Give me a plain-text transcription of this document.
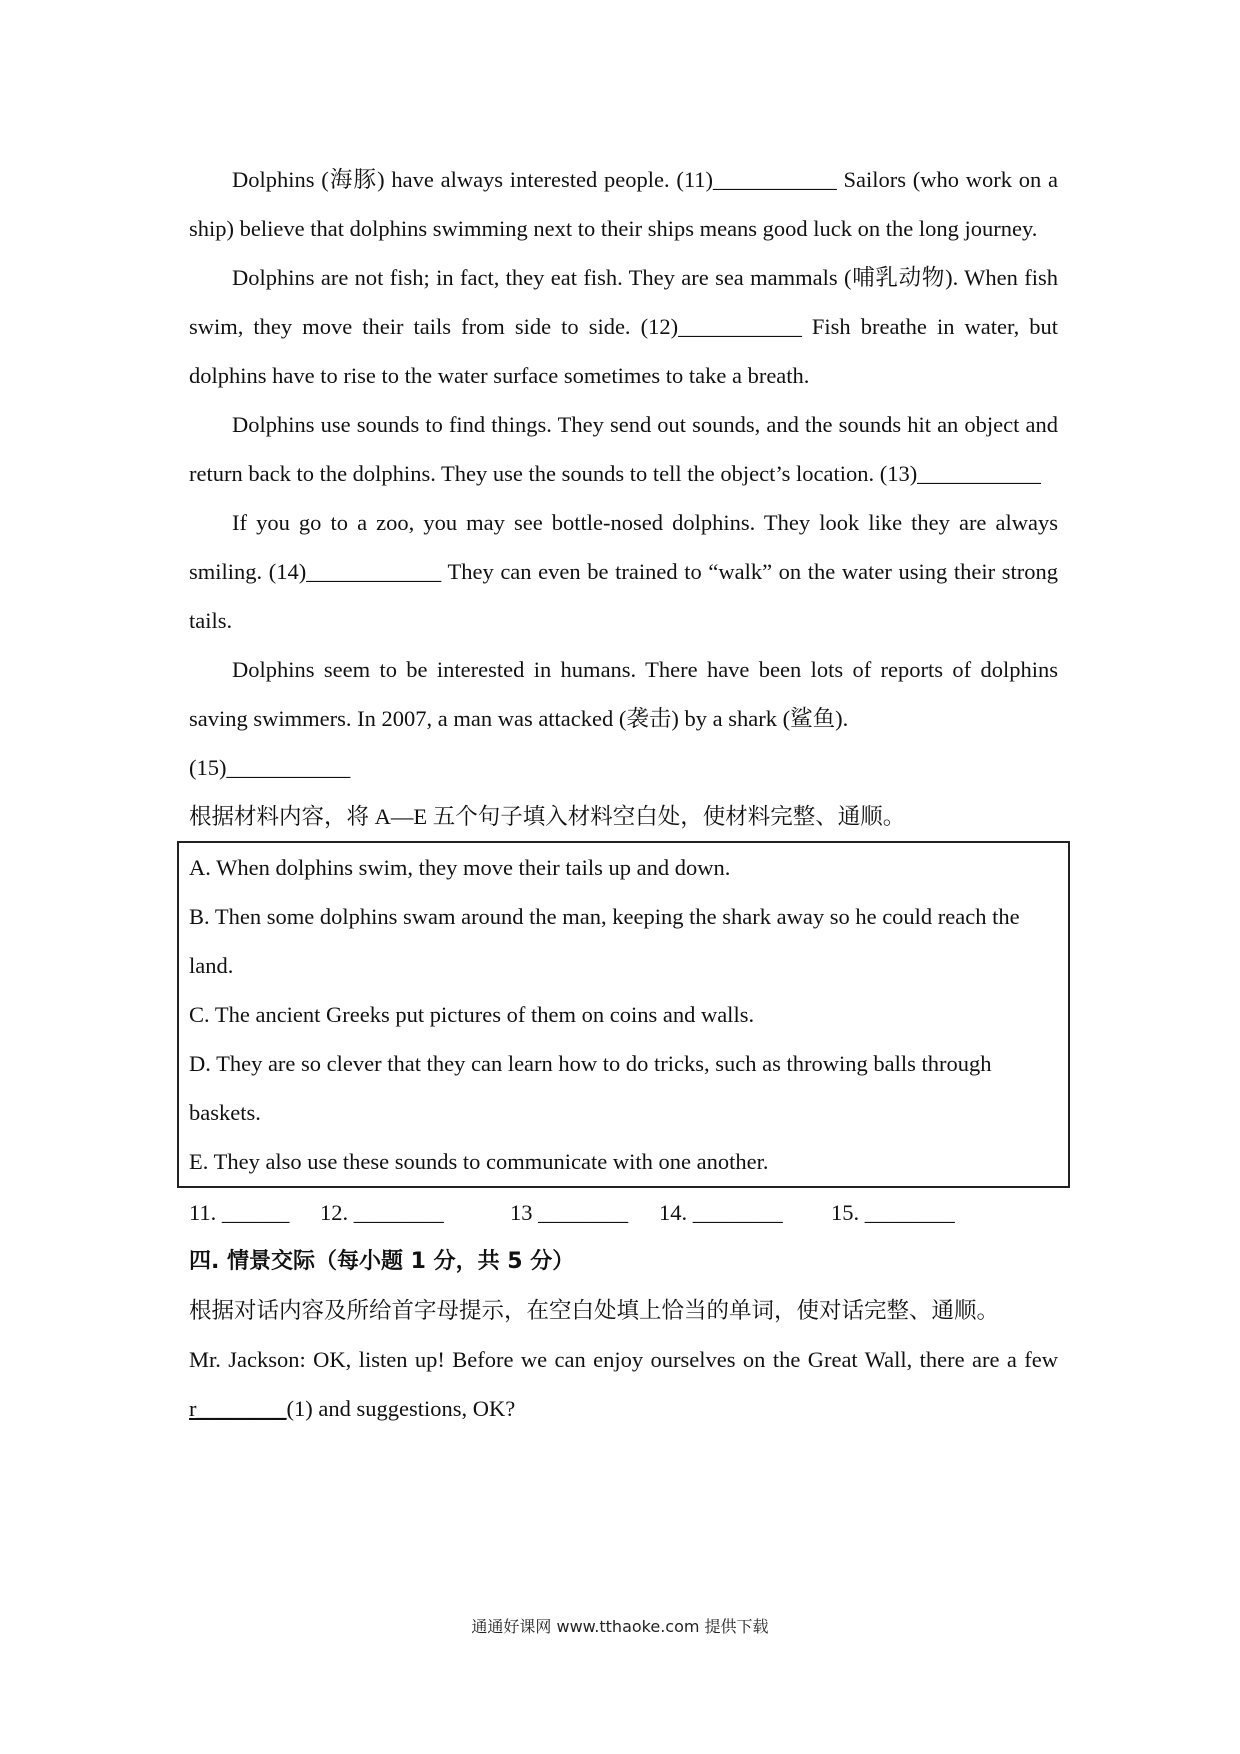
Dolphins (海豚) have always interested people. (11)___________ Sailors (who work on a ship) believe that dolphins swimming next to their ships means good luck on the long journey.

Dolphins are not fish; in fact, they eat fish. They are sea mammals (哺乳动物). When fish swim, they move their tails from side to side. (12)___________ Fish breathe in water, but dolphins have to rise to the water surface sometimes to take a breath.

Dolphins use sounds to find things. They send out sounds, and the sounds hit an object and return back to the dolphins. They use the sounds to tell the object’s location. (13)___________

If you go to a zoo, you may see bottle-nosed dolphins. They look like they are always smiling. (14)____________ They can even be trained to “walk” on the water using their strong tails.

Dolphins seem to be interested in humans. There have been lots of reports of dolphins saving swimmers. In 2007, a man was attacked (袭击) by a shark (鲨鱼).

(15)___________

根据材料内容，将 A—E 五个句子填入材料空白处，使材料完整、通顺。

A. When dolphins swim, they move their tails up and down.

B. Then some dolphins swam around the man, keeping the shark away so he could reach the land.

C. The ancient Greeks put pictures of them on coins and walls.

D. They are so clever that they can learn how to do tricks, such as throwing balls through baskets.

E. They also use these sounds to communicate with one another.

11. ______	12. ________	13 ________	14. ________	15. ________

四. 情景交际（每小题 1 分，共 5 分）

根据对话内容及所给首字母提示，在空白处填上恰当的单词，使对话完整、通顺。

Mr. Jackson: OK, listen up! Before we can enjoy ourselves on the Great Wall, there are a few r________(1) and suggestions, OK?

通通好课网 www.tthaoke.com 提供下载
